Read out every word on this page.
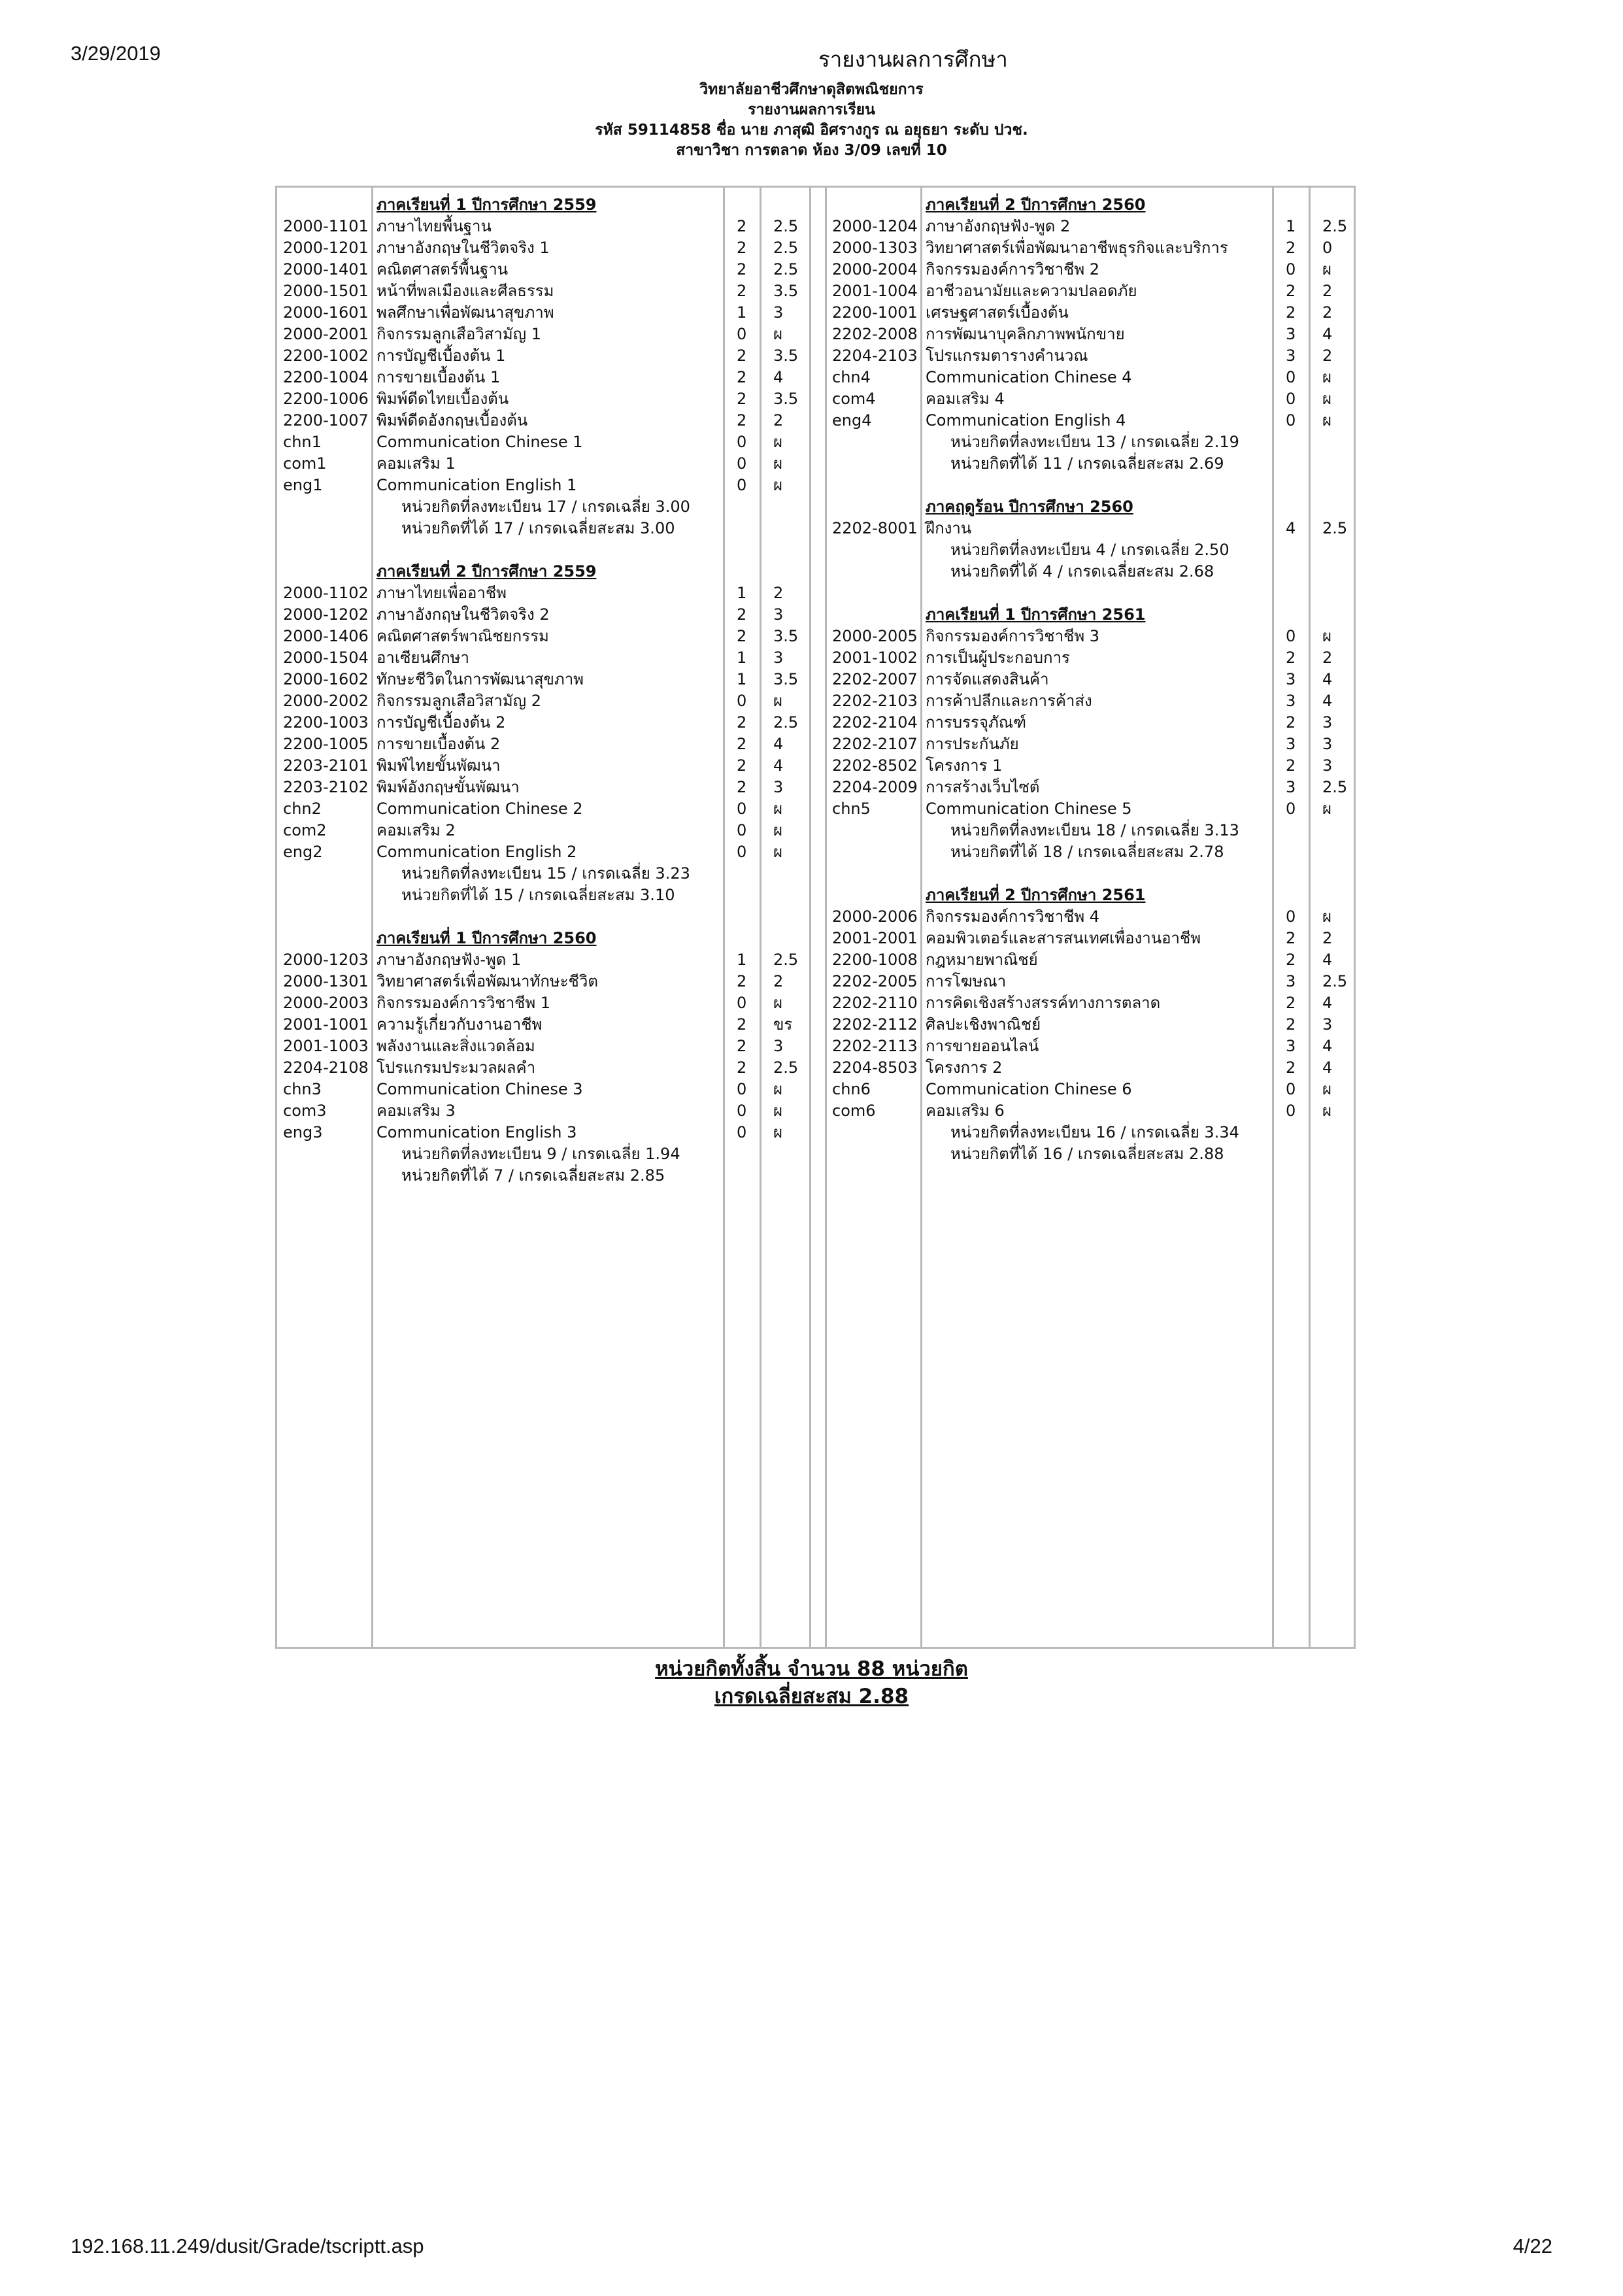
3/29/2019	รายงานผลการศึกษา
วิทยาลัยอาชีวศึกษาดุสิตพณิชยการ
รายงานผลการเรียน
รหัส 59114858 ชื่อ นาย ภาสุฒิ อิศรางกูร ณ อยุธยา ระดับ ปวช.
สาขาวิชา การตลาด ห้อง 3/09 เลขที่ 10
ภาคเรียนที่ 1 ปีการศึกษา 2559
2000-1101 ภาษาไทยพื้นฐาน	2 2.5
2000-1201 ภาษาอังกฤษในชีวิตจริง 1	2 2.5
2000-1401 คณิตศาสตร์พื้นฐาน	2 2.5
2000-1501 หน้าที่พลเมืองและศีลธรรม	2 3.5
2000-1601 พลศึกษาเพื่อพัฒนาสุขภาพ	1 3
2000-2001 กิจกรรมลูกเสือวิสามัญ 1	0 ผ
2200-1002 การบัญชีเบื้องต้น 1	2 3.5
2200-1004 การขายเบื้องต้น 1	2 4
2200-1006 พิมพ์ดีดไทยเบื้องต้น	2 3.5
2200-1007 พิมพ์ดีดอังกฤษเบื้องต้น	2 2
chn1	Communication Chinese 1	0 ผ
com1	คอมเสริม 1	0 ผ
eng1	Communication English 1	0 ผ
หน่วยกิตที่ลงทะเบียน 17 / เกรดเฉลี่ย 3.00
หน่วยกิตที่ได้ 17 / เกรดเฉลี่ยสะสม 3.00
ภาคเรียนที่ 2 ปีการศึกษา 2559
2000-1102 ภาษาไทยเพื่ออาชีพ	1 2
2000-1202 ภาษาอังกฤษในชีวิตจริง 2	2 3
2000-1406 คณิตศาสตร์พาณิชยกรรม	2 3.5
2000-1504 อาเซียนศึกษา	1 3
2000-1602 ทักษะชีวิตในการพัฒนาสุขภาพ	1 3.5
2000-2002 กิจกรรมลูกเสือวิสามัญ 2	0 ผ
2200-1003 การบัญชีเบื้องต้น 2	2 2.5
2200-1005 การขายเบื้องต้น 2	2 4
2203-2101 พิมพ์ไทยขั้นพัฒนา	2 4
2203-2102 พิมพ์อังกฤษขั้นพัฒนา	2 3
chn2	Communication Chinese 2	0 ผ
com2	คอมเสริม 2	0 ผ
eng2	Communication English 2	0 ผ
หน่วยกิตที่ลงทะเบียน 15 / เกรดเฉลี่ย 3.23
หน่วยกิตที่ได้ 15 / เกรดเฉลี่ยสะสม 3.10
ภาคเรียนที่ 1 ปีการศึกษา 2560
2000-1203 ภาษาอังกฤษฟัง-พูด 1	1 2.5
2000-1301 วิทยาศาสตร์เพื่อพัฒนาทักษะชีวิต	2 2
2000-2003 กิจกรรมองค์การวิชาชีพ 1	0 ผ
2001-1001 ความรู้เกี่ยวกับงานอาชีพ	2 ขร
2001-1003 พลังงานและสิ่งแวดล้อม	2 3
2204-2108 โปรแกรมประมวลผลคำ	2 2.5
chn3	Communication Chinese 3	0 ผ
com3	คอมเสริม 3	0 ผ
eng3	Communication English 3	0 ผ
หน่วยกิตที่ลงทะเบียน 9 / เกรดเฉลี่ย 1.94
หน่วยกิตที่ได้ 7 / เกรดเฉลี่ยสะสม 2.85
ภาคเรียนที่ 2 ปีการศึกษา 2560
2000-1204 ภาษาอังกฤษฟัง-พูด 2	1 2.5
2000-1303 วิทยาศาสตร์เพื่อพัฒนาอาชีพธุรกิจและบริการ	2 0
2000-2004 กิจกรรมองค์การวิชาชีพ 2	0 ผ
2001-1004 อาชีวอนามัยและความปลอดภัย	2 2
2200-1001 เศรษฐศาสตร์เบื้องต้น	2 2
2202-2008 การพัฒนาบุคลิกภาพพนักขาย	3 4
2204-2103 โปรแกรมตารางคำนวณ	3 2
chn4	Communication Chinese 4	0 ผ
com4	คอมเสริม 4	0 ผ
eng4	Communication English 4	0 ผ
หน่วยกิตที่ลงทะเบียน 13 / เกรดเฉลี่ย 2.19
หน่วยกิตที่ได้ 11 / เกรดเฉลี่ยสะสม 2.69
ภาคฤดูร้อน ปีการศึกษา 2560
2202-8001 ฝึกงาน	4 2.5
หน่วยกิตที่ลงทะเบียน 4 / เกรดเฉลี่ย 2.50
หน่วยกิตที่ได้ 4 / เกรดเฉลี่ยสะสม 2.68
ภาคเรียนที่ 1 ปีการศึกษา 2561
2000-2005 กิจกรรมองค์การวิชาชีพ 3	0 ผ
2001-1002 การเป็นผู้ประกอบการ	2 2
2202-2007 การจัดแสดงสินค้า	3 4
2202-2103 การค้าปลีกและการค้าส่ง	3 4
2202-2104 การบรรจุภัณฑ์	2 3
2202-2107 การประกันภัย	3 3
2202-8502 โครงการ 1	2 3
2204-2009 การสร้างเว็บไซต์	3 2.5
chn5	Communication Chinese 5	0 ผ
หน่วยกิตที่ลงทะเบียน 18 / เกรดเฉลี่ย 3.13
หน่วยกิตที่ได้ 18 / เกรดเฉลี่ยสะสม 2.78
ภาคเรียนที่ 2 ปีการศึกษา 2561
2000-2006 กิจกรรมองค์การวิชาชีพ 4	0 ผ
2001-2001 คอมพิวเตอร์และสารสนเทศเพื่องานอาชีพ	2 2
2200-1008 กฎหมายพาณิชย์	2 4
2202-2005 การโฆษณา	3 2.5
2202-2110 การคิดเชิงสร้างสรรค์ทางการตลาด	2 4
2202-2112 ศิลปะเชิงพาณิชย์	2 3
2202-2113 การขายออนไลน์	3 4
2204-8503 โครงการ 2	2 4
chn6	Communication Chinese 6	0 ผ
com6	คอมเสริม 6	0 ผ
หน่วยกิตที่ลงทะเบียน 16 / เกรดเฉลี่ย 3.34
หน่วยกิตที่ได้ 16 / เกรดเฉลี่ยสะสม 2.88
หน่วยกิตทั้งสิ้น จำนวน 88 หน่วยกิต
เกรดเฉลี่ยสะสม 2.88
192.168.11.249/dusit/Grade/tscriptt.asp	4/22
